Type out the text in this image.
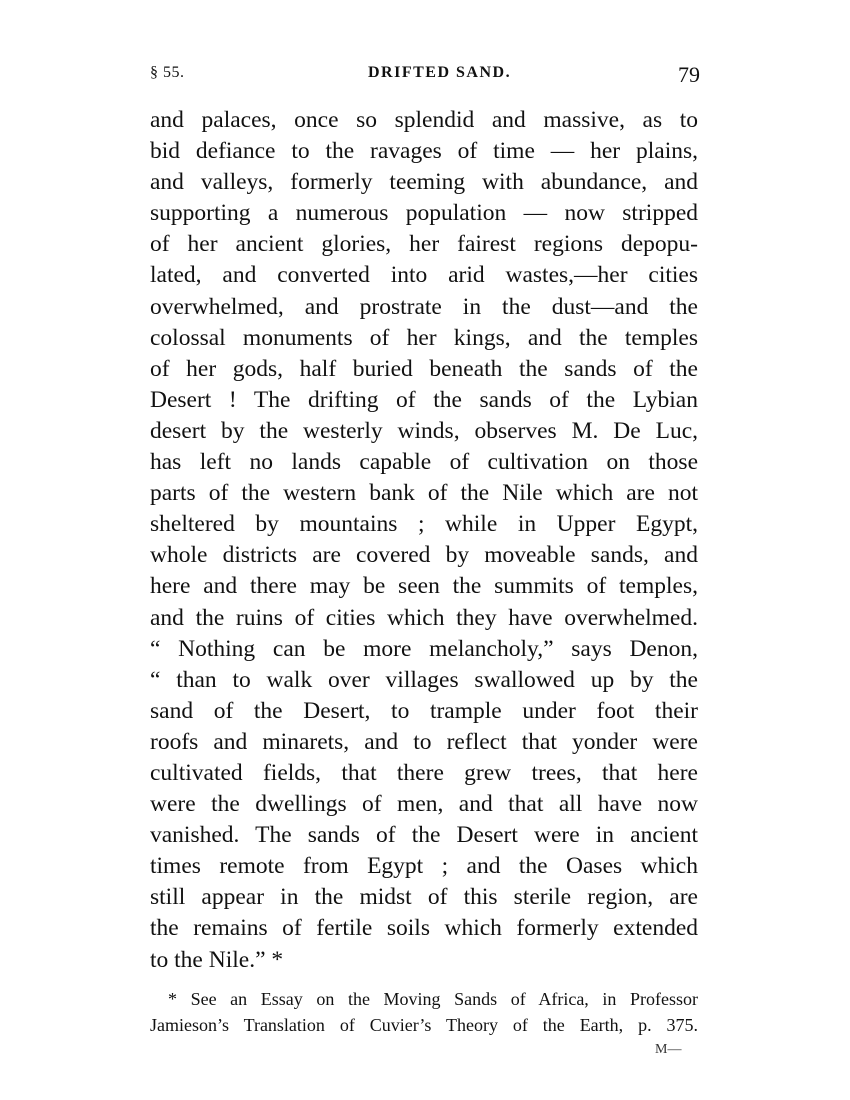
§ 55.	DRIFTED SAND.	79
and palaces, once so splendid and massive, as to
bid defiance to the ravages of time — her plains,
and valleys, formerly teeming with abundance, and
supporting a numerous population — now stripped
of her ancient glories, her fairest regions depopu-
lated, and converted into arid wastes,—her cities
overwhelmed, and prostrate in the dust—and the
colossal monuments of her kings, and the temples
of her gods, half buried beneath the sands of the
Desert ! The drifting of the sands of the Lybian
desert by the westerly winds, observes M. De Luc,
has left no lands capable of cultivation on those
parts of the western bank of the Nile which are not
sheltered by mountains ; while in Upper Egypt,
whole districts are covered by moveable sands, and
here and there may be seen the summits of temples,
and the ruins of cities which they have overwhelmed.
“ Nothing can be more melancholy,” says Denon,
“ than to walk over villages swallowed up by the
sand of the Desert, to trample under foot their
roofs and minarets, and to reflect that yonder were
cultivated fields, that there grew trees, that here
were the dwellings of men, and that all have now
vanished. The sands of the Desert were in ancient
times remote from Egypt ; and the Oases which
still appear in the midst of this sterile region, are
the remains of fertile soils which formerly extended
to the Nile.” *
* See an Essay on the Moving Sands of Africa, in Professor
Jamieson’s Translation of Cuvier’s Theory of the Earth, p. 375.
M—
